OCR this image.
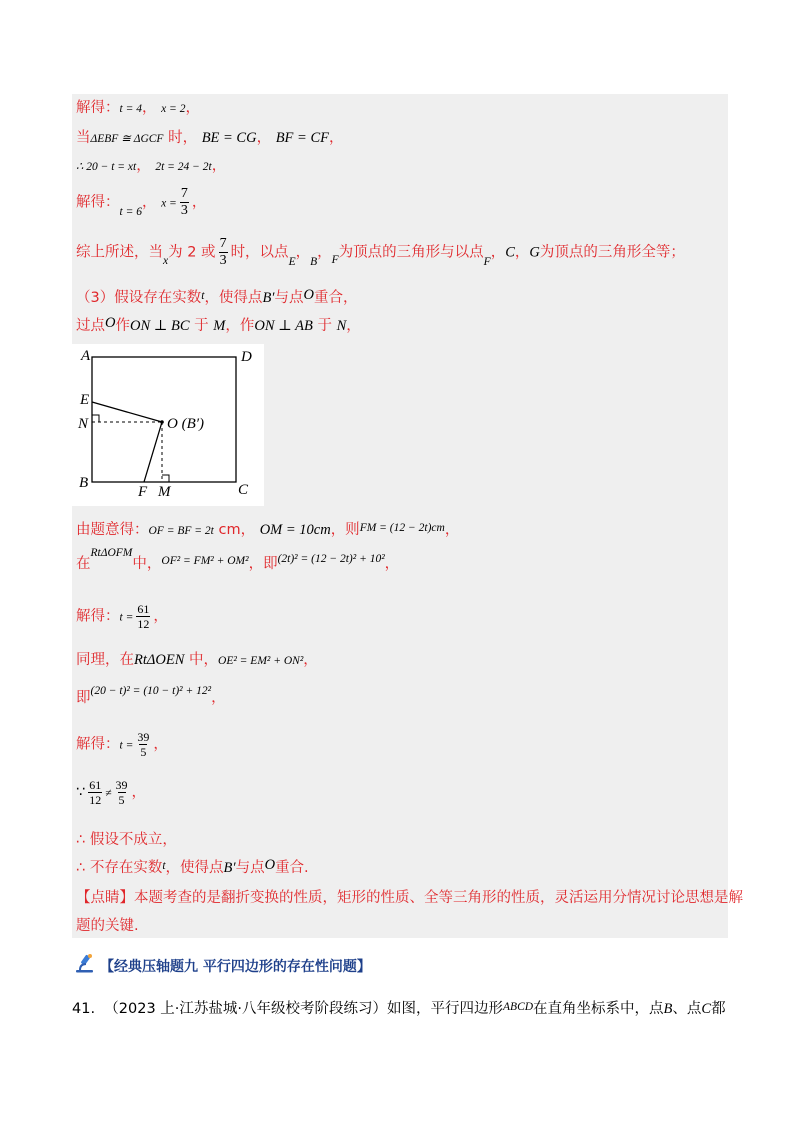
解得：t = 4， x = 2，
当ΔEBF ≅ ΔGCF 时， BE = CG， BF = CF，
∴ 20 − t = xt， 2t = 24 − 2t，
解得：$_{t = 6}$， $x = \frac{7}{3}$ ，
综上所述，当$_x$为 2 或 $\frac{7}{3}$ 时，以点$_E$，$_B$，$_F$为顶点的三角形与以点$_F$，C，G为顶点的三角形全等；
（3）假设存在实数$^t$，使得点B′与点O重合，
过点O作ON ⊥ BC 于 M，作ON ⊥ AB 于 N，
A	D
E
N	O (B′)
B	C
F M
由题意得：OF = BF = 2t cm， OM = 10cm，则$^{FM = (12 - 2t)cm}$，
在$^{Rt\Delta OFM}$中，$^{OF^2 = FM^2 + OM^2}$，即$^{(2t)^2 = (12 - 2t)^2 + 10^2}$，
解得：$t = \frac{61}{12}$ ，
同理，在RtΔOEN 中，OE² = EM² + ON²，
即$^{(20 - t)^2 = (10 - t)^2 + 12^2}$，
解得：$t = \frac{39}{5}$ ，
∵ $\frac{61}{12} \ne \frac{39}{5}$ ，
∴ 假设不成立，
∴ 不存在实数$^t$，使得点B′与点O重合.
【点睛】本题考查的是翻折变换的性质，矩形的性质、全等三角形的性质，灵活运用分情况讨论思想是解
题的关键.
【经典压轴题九 平行四边形的存在性问题】
41. （2023 上·江苏盐城·八年级校考阶段练习）如图，平行四边形$^{ABCD}$在直角坐标系中，点B、点C都
